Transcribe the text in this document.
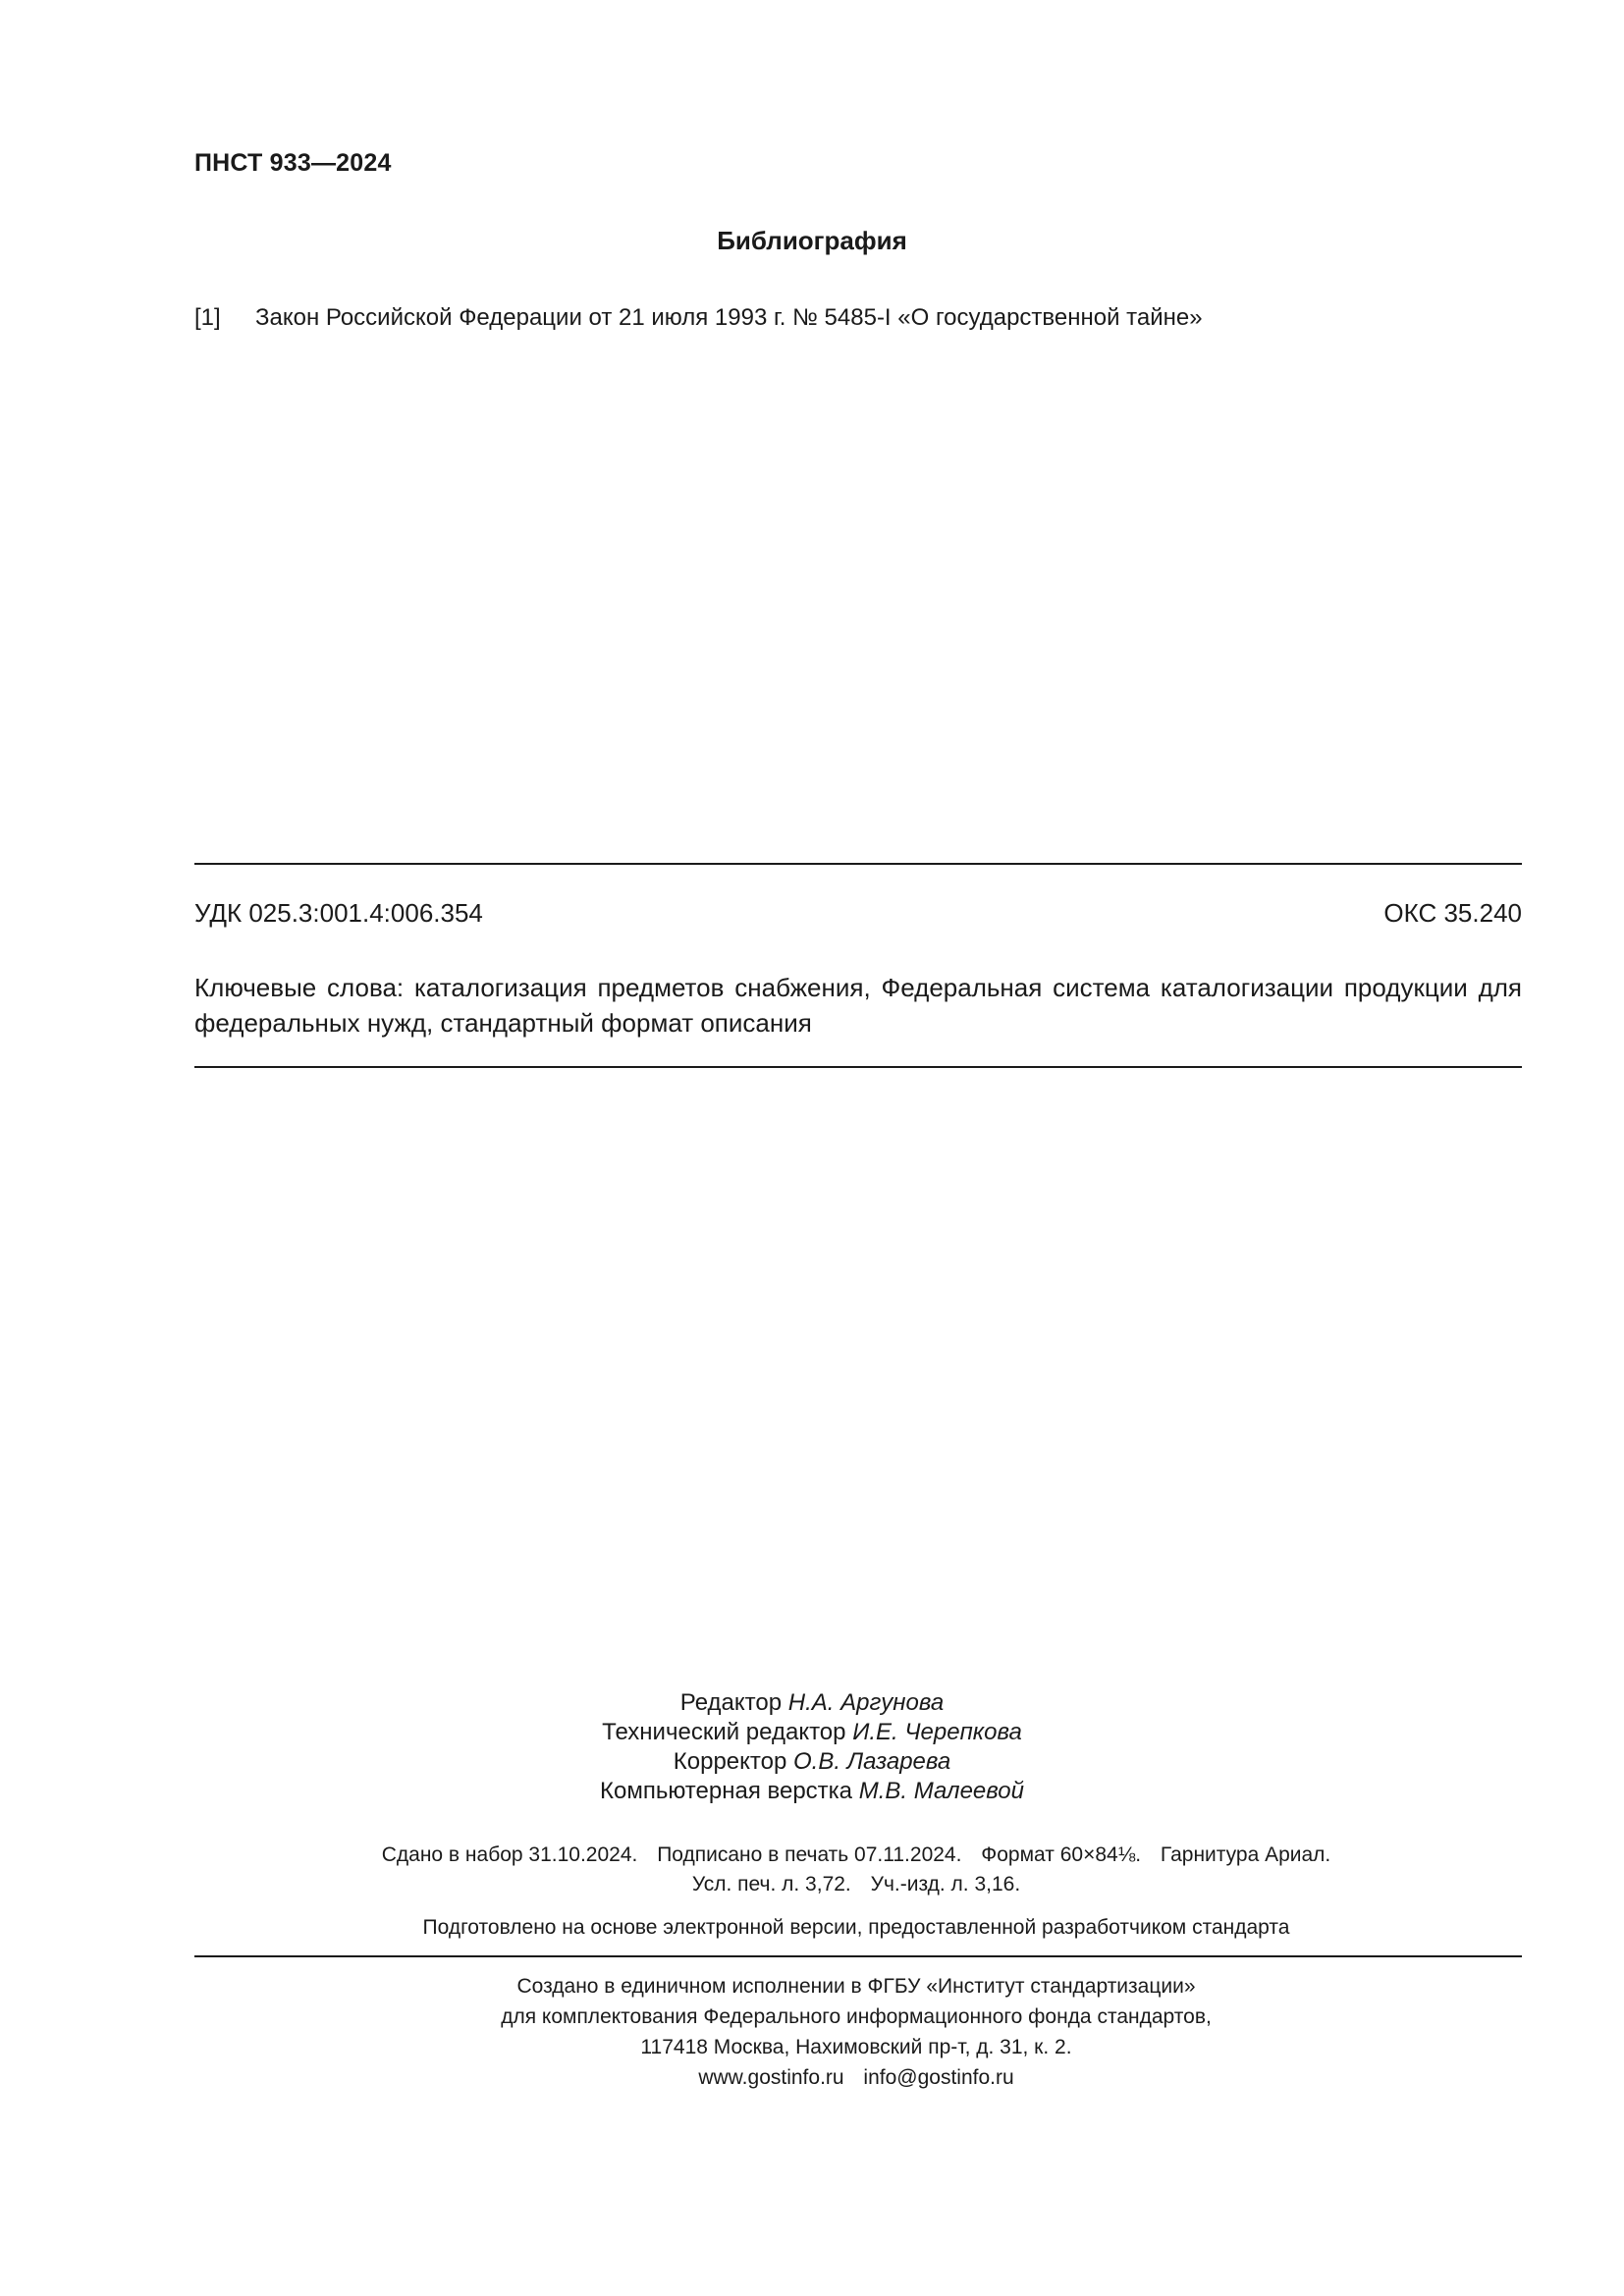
ПНСТ 933—2024
Библиография
[1]	Закон Российской Федерации от 21 июля 1993 г. № 5485-I «О государственной тайне»
УДК 025.3:001.4:006.354	ОКС 35.240
Ключевые слова: каталогизация предметов снабжения, Федеральная система каталогизации продукции для федеральных нужд, стандартный формат описания
Редактор Н.А. Аргунова
Технический редактор И.Е. Черепкова
Корректор О.В. Лазарева
Компьютерная верстка М.В. Малеевой
Сдано в набор 31.10.2024. Подписано в печать 07.11.2024. Формат 60×84⅛. Гарнитура Ариал.
Усл. печ. л. 3,72. Уч.-изд. л. 3,16.
Подготовлено на основе электронной версии, предоставленной разработчиком стандарта
Создано в единичном исполнении в ФГБУ «Институт стандартизации»
для комплектования Федерального информационного фонда стандартов,
117418 Москва, Нахимовский пр-т, д. 31, к. 2.
www.gostinfo.ru info@gostinfo.ru
